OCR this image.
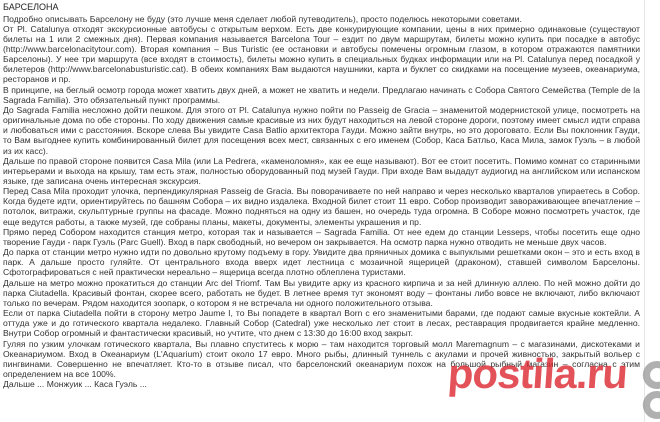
БАРСЕЛОНА

Подробно описывать Барселону не буду (это лучше меня сделает любой путеводитель), просто поделюсь некоторыми советами.

От Pl. Catalunya отходят экскурсионные автобусы с открытым верхом. Есть две конкурирующие компании, цены в них примерно одинаковые (существуют билеты на 1 или 2 смежных дня). Первая компания называется Barcelona Tour – ездит по двум маршрутам, билеты можно купить при посадке в автобус (http://www.barcelonacitytour.com). Вторая компания – Bus Turistic (ее остановки и автобусы помечены огромным глазом, в котором отражаются памятники Барселоны). У нее три маршрута (все входят в стоимость), билеты можно купить в специальных будках информации или на Pl. Catalunya перед посадкой у билетеров (http://www.barcelonabusturistic.cat). В обеих компаниях Вам выдаются наушники, карта и буклет со скидками на посещение музеев, океанариума, ресторанов и пр.

В принципе, на беглый осмотр города может хватить двух дней, а может не хватить и недели. Предлагаю начинать с Собора Святого Семейства (Temple de la Sagrada Familia). Это обязательный пункт программы.

До Sagrada Familia несложно дойти пешком. Для этого от Pl. Catalunya нужно пойти по Passeig de Gracia – знаменитой модернистской улице, посмотреть на оригинальные дома по обе стороны. По ходу движения самые красивые из них будут находиться на левой стороне дороги, поэтому имеет смысл идти справа и любоваться ими с расстояния. Вскоре слева Вы увидите Casa Batlio архитектора Гауди. Можно зайти внутрь, но это дороговато. Если Вы поклонник Гауди, то Вам выгоднее купить комбинированный билет для посещения всех мест, связанных с его именем (Собор, Каса Батльо, Каса Мила, замок Гуэль – в любой из их касс).

Дальше по правой стороне появится Casa Mila (или La Pedrera, «каменоломня», как ее еще называют). Вот ее стоит посетить. Помимо комнат со старинными интерьерами и выхода на крышу, там есть этаж, полностью оборудованный под музей Гауди. При входе Вам выдадут аудиогид на английском или испанском языке, где записана очень интересная экскурсия.

Перед Casa Mila проходит улочка, перпендикулярная Passeig de Gracia. Вы поворачиваете по ней направо и через несколько кварталов упираетесь в Собор. Когда будете идти, ориентируйтесь по башням Собора – их видно издалека. Входной билет стоит 11 евро. Собор производит завораживающее впечатление – потолок, витражи, скульптурные группы на фасаде. Можно подняться на одну из башен, но очередь туда огромна. В Соборе можно посмотреть участок, где еще ведутся работы, а также музей, где собраны планы, макеты, документы, элементы украшения и пр.

Прямо перед Собором находится станция метро, которая так и называется – Sagrada Familia. От нее едем до станции Lesseps, чтобы посетить еще одно творение Гауди - парк Гуэль (Parc Guell). Вход в парк свободный, но вечером он закрывается. На осмотр парка нужно отводить не меньше двух часов.

До парка от станции метро нужно идти по довольно крутому подъему в гору. Увидите два пряничных домика с выпуклыми решетками окон – это и есть вход в парк. А дальше просто гуляйте. От центрального входа вверх идет лестница с мозаичной ящерицей (драконом), ставшей символом Барселоны. Сфотографироваться с ней практически нереально – ящерица всегда плотно облеплена туристами.

Дальше на метро можно прокатиться до станции Arc del Triomf. Там Вы увидите арку из красного кирпича и за ней длинную аллею. По ней можно дойти до парка Ciutadella. Красивый фонтан, скорее всего, работать не будет. В летнее время тут экономят воду – фонтаны либо вовсе не включают, либо включают только по вечерам. Рядом находится зоопарк, о котором я не встречала ни одного положительного отзыва.

Если от парка Ciutadella пойти в сторону метро Jaume I, то Вы попадете в квартал Born с его знаменитыми барами, где подают самые вкусные коктейли. А оттуда уже и до готического квартала недалеко. Главный Собор (Catedral) уже несколько лет стоит в лесах, реставрация продвигается крайне медленно. Внутри Собор огромный и фантастически красивый, но учтите, что днем с 13:30 до 16:00 вход закрыт.

Гуляя по узким улочкам готического квартала, Вы плавно спуститесь к морю – там находится торговый молл Maremagnum – с магазинами, дискотеками и Океанариумом. Вход в Океанариум (L'Aquarium) стоит около 17 евро. Много рыбы, длинный туннель с акулами и прочей живностью, закрытый вольер с пингвинами. Совершенно не впечатляет. Кто-то в отзыве писал, что барселонский океанариум похож на большой рыбный магазин – согласна с этим определением на все 100%.

Дальше ... Монжуик ... Каса Гуэль ...	postila.ru
